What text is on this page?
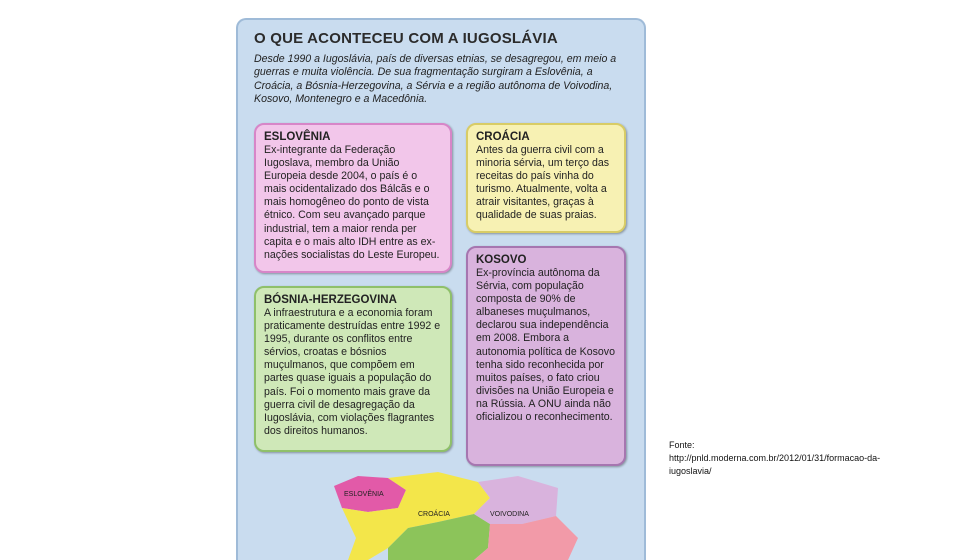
O QUE ACONTECEU COM A IUGOSLÁVIA
Desde 1990 a Iugoslávia, país de diversas etnias, se desagregou, em meio a guerras e muita violência. De sua fragmentação surgiram a Eslovênia, a Croácia, a Bósnia-Herzegovina, a Sérvia e a região autônoma de Voivodina, Kosovo, Montenegro e a Macedônia.
ESLOVÊNIA

Ex-integrante da Federação Iugoslava, membro da União Europeia desde 2004, o país é o mais ocidentalizado dos Bálcãs e o mais homogêneo do ponto de vista étnico. Com seu avançado parque industrial, tem a maior renda per capita e o mais alto IDH entre as ex-nações socialistas do Leste Europeu.

CROÁCIA

Antes da guerra civil com a minoria sérvia, um terço das receitas do país vinha do turismo. Atualmente, volta a atrair visitantes, graças à qualidade de suas praias.

KOSOVO

Ex-província autônoma da Sérvia, com população composta de 90% de albaneses muçulmanos, declarou sua independência em 2008. Embora a autonomia política de Kosovo tenha sido reconhecida por muitos países, o fato criou divisões na União Europeia e na Rússia. A ONU ainda não oficializou o reconhecimento.

BÓSNIA-HERZEGOVINA

A infraestrutura e a economia foram praticamente destruídas entre 1992 e 1995, durante os conflitos entre sérvios, croatas e bósnios muçulmanos, que compõem em partes quase iguais a população do país. Foi o momento mais grave da guerra civil de desagregação da Iugoslávia, com violações flagrantes dos direitos humanos.

ESLOVÊNIA
CROÁCIA	VOIVODINA
Fonte:
http://pnld.moderna.com.br/2012/01/31/formacao-da-iugoslavia/
